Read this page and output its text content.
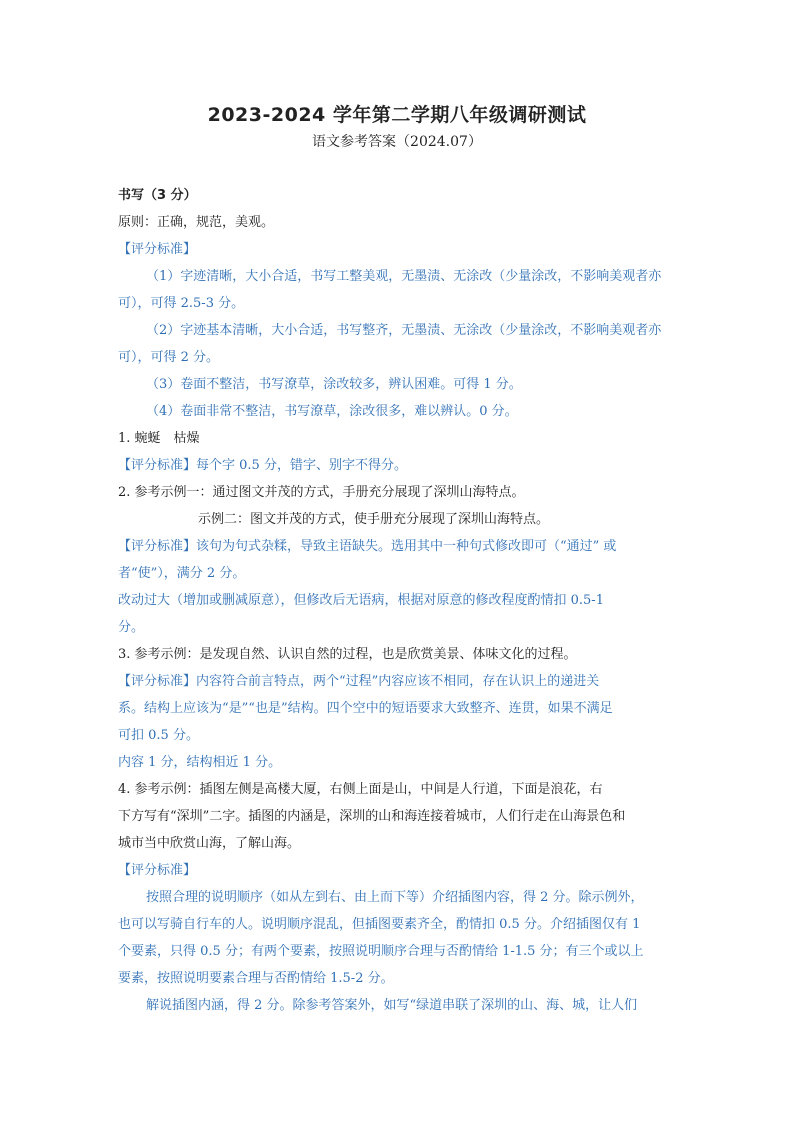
2023-2024 学年第二学期八年级调研测试
语文参考答案（2024.07）
书写（3 分）
原则：正确，规范，美观。
【评分标准】
（1）字迹清晰，大小合适，书写工整美观，无墨渍、无涂改（少量涂改，不影响美观者亦
可），可得 2.5-3 分。
（2）字迹基本清晰，大小合适，书写整齐，无墨渍、无涂改（少量涂改，不影响美观者亦
可），可得 2 分。
（3）卷面不整洁，书写潦草，涂改较多，辨认困难。可得 1 分。
（4）卷面非常不整洁，书写潦草，涂改很多，难以辨认。0 分。
1. 蜿蜒　枯燥
【评分标准】每个字 0.5 分，错字、别字不得分。
2. 参考示例一：通过图文并茂的方式，手册充分展现了深圳山海特点。
示例二：图文并茂的方式，使手册充分展现了深圳山海特点。
【评分标准】该句为句式杂糅，导致主语缺失。选用其中一种句式修改即可（“通过” 或
者“使”），满分 2 分。
改动过大（增加或删减原意），但修改后无语病，根据对原意的修改程度酌情扣 0.5-1
分。
3. 参考示例：是发现自然、认识自然的过程，也是欣赏美景、体味文化的过程。
【评分标准】内容符合前言特点，两个“过程”内容应该不相同，存在认识上的递进关
系。结构上应该为“是”“也是”结构。四个空中的短语要求大致整齐、连贯，如果不满足
可扣 0.5 分。
内容 1 分，结构相近 1 分。
4. 参考示例：插图左侧是高楼大厦，右侧上面是山，中间是人行道，下面是浪花，右
下方写有“深圳”二字。插图的内涵是，深圳的山和海连接着城市，人们行走在山海景色和
城市当中欣赏山海，了解山海。
【评分标准】
按照合理的说明顺序（如从左到右、由上而下等）介绍插图内容，得 2 分。除示例外，
也可以写骑自行车的人。说明顺序混乱，但插图要素齐全，酌情扣 0.5 分。介绍插图仅有 1
个要素，只得 0.5 分；有两个要素，按照说明顺序合理与否酌情给 1-1.5 分；有三个或以上
要素，按照说明要素合理与否酌情给 1.5-2 分。
解说插图内涵，得 2 分。除参考答案外，如写“绿道串联了深圳的山、海、城，让人们
